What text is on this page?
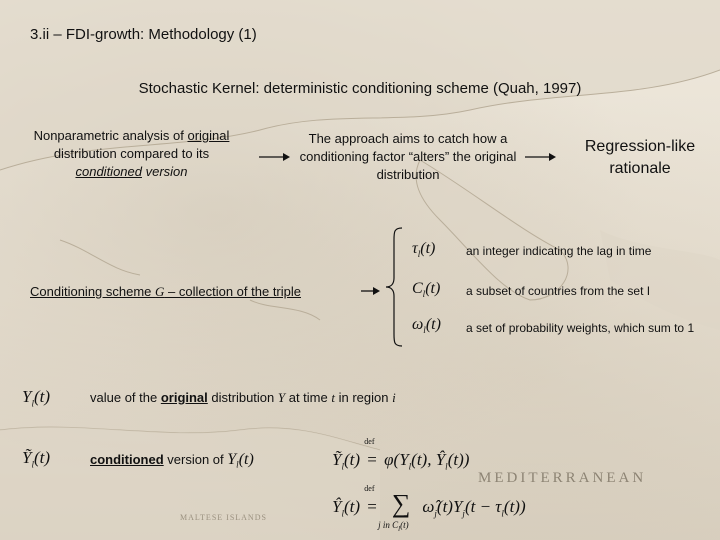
MEDITERRANEAN
MALTESE ISLANDS
3.ii – FDI-growth: Methodology (1)
Stochastic Kernel: deterministic conditioning scheme (Quah, 1997)
Nonparametric analysis of original
distribution compared to its
conditioned version
The approach aims to catch how a conditioning factor “alters” the original distribution
Regression-like rationale
Conditioning scheme G – collection of the triple
$\tau_l(t)$	an integer indicating the lag in time
$C_l(t)$ a subset of countries from the set I
$\omega_l(t)$ a set of probability weights, which sum to 1
$Y_l(t)$	value of the original distribution Y at time t in region i
Ỹ$_l$(t)	conditioned version of $Y_l(t)$	Ỹ$_l$(t)
def
= $\varphi(Y_l(t)$, $Ŷ_l(t)$)
$Ŷ_l(t)$
def
= ∑
j in $C_l(t)$
$\omegâ_j(t)Y_j(t - \tau_l(t))$
